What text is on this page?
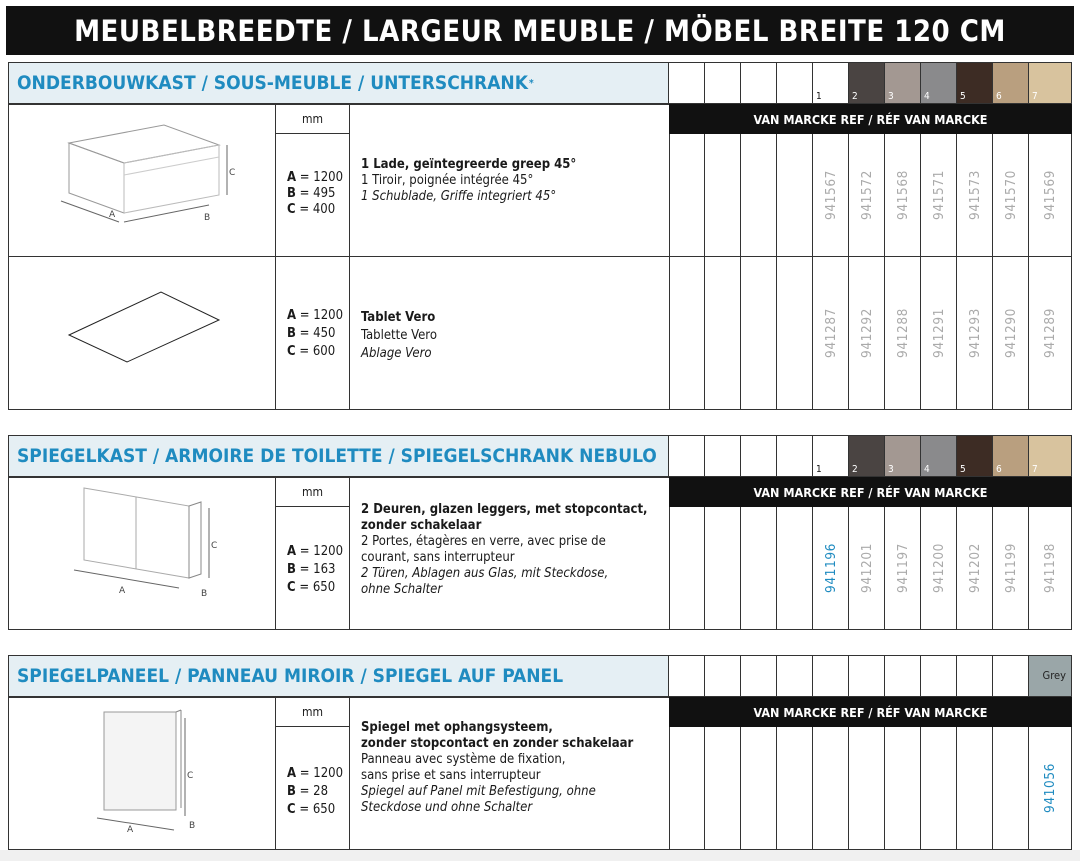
MEUBELBREEDTE / LARGEUR MEUBLE / MÖBEL BREITE 120 CM
ONDERBOUWKAST / SOUS-MEUBLE / UNTERSCHRANK *
1	2	3	4	5	6	7
A
C
B
mm
A = 1200
B = 495
C = 400
1 Lade, geïntegreerde greep 45°
1 Tiroir, poignée intégrée 45°
1 Schublade, Griffe integriert 45°	941567 941572 941568 941571 941573 941570 941569
VAN MARCKE REF / RÉF VAN MARCKE
A = 1200
B = 450
C = 600
Tablet Vero
Tablette Vero
Ablage Vero	941287 941292 941288 941291 941293 941290 941289
SPIEGELKAST / ARMOIRE DE TOILETTE / SPIEGELSCHRANK NEBULO
1	2	3	4	5	6	7
A
C
B
mm
A = 1200
B = 163
C = 650
2 Deuren, glazen leggers, met stopcontact,
zonder schakelaar
2 Portes, étagères en verre, avec prise de
courant, sans interrupteur
2 Türen, Ablagen aus Glas, mit Steckdose,
ohne Schalter	941196 941201 941197 941200 941202 941199 941198
VAN MARCKE REF / RÉF VAN MARCKE
SPIEGELPANEEL / PANNEAU MIROIR / SPIEGEL AUF PANEL	Grey
A
C
B
mm
A = 1200
B = 28
C = 650
Spiegel met ophangsysteem,
zonder stopcontact en zonder schakelaar
Panneau avec système de fixation,
sans prise et sans interrupteur
Spiegel auf Panel mit Befestigung, ohne
Steckdose und ohne Schalter	941056
VAN MARCKE REF / RÉF VAN MARCKE
